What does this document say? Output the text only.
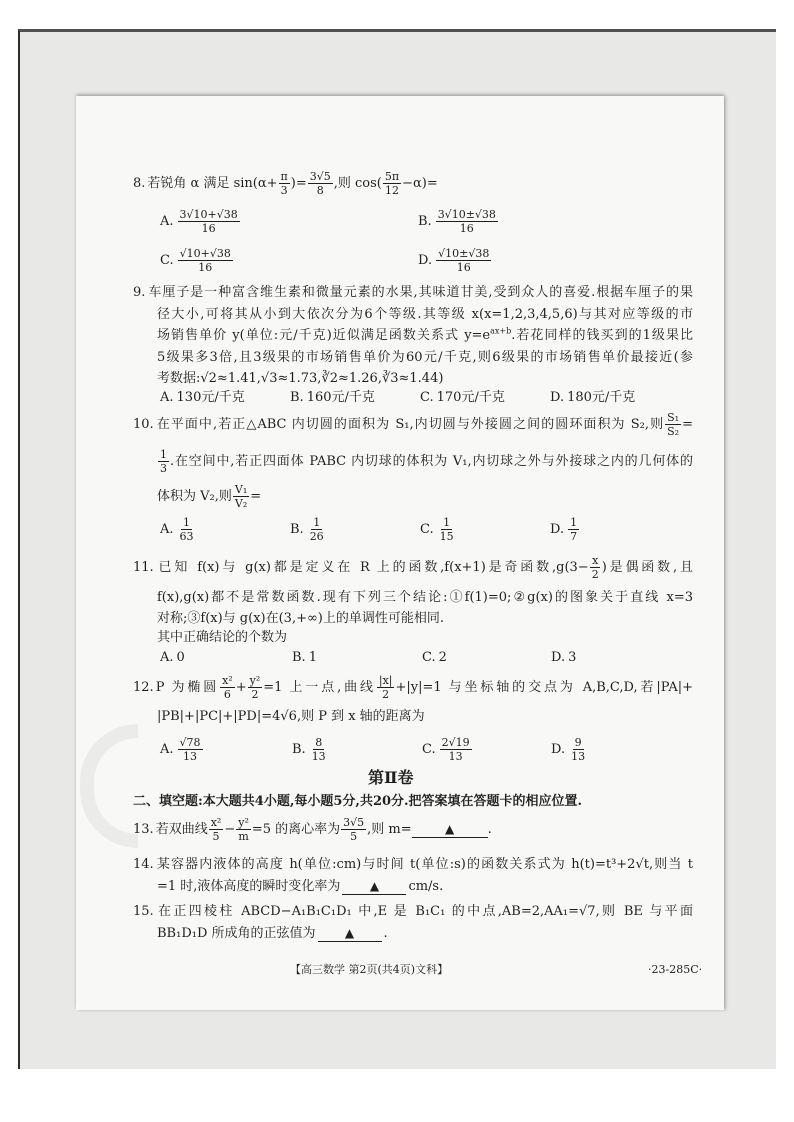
8. 若锐角 α 满足 $\sin(\alpha+ \frac{\pi}{3}$ )= $\frac{3√5}{8}$ ,则 $\cos( \frac{5\pi}{12} -\alpha)=$
A. $\frac{3√10+√38}{16}$	B. $\frac{3√10\pm√38}{16}$
C. $\frac{√10+√38}{16}$	D. $\frac{√10\pm√38}{16}$
9. 车厘子是一种富含维生素和微量元素的水果,其味道甘美,受到众人的喜爱.根据车厘子的果
径大小,可将其从小到大依次分为6个等级.其等级 x(x=1,2,3,4,5,6)与其对应等级的市
场销售单价 y(单位:元/千克)近似满足函数关系式 $y=e^{ax+b}$.若花同样的钱买到的1级果比
5级果多3倍,且3级果的市场销售单价为60元/千克,则6级果的市场销售单价最接近(参
考数据:√2≈1.41,√3≈1.73,∛2≈1.26,∛3≈1.44)
A. 130元/千克	B. 160元/千克	C. 170元/千克	D. 180元/千克
10. 在平面中,若正△ABC 内切圆的面积为 S₁,内切圆与外接圆之间的圆环面积为 S₂,则 $\frac{\text{S₁}}{\text{S₂}}$ =
$\frac{1}{3}$ .在空间中,若正四面体 PABC 内切球的体积为 V₁,内切球之外与外接球之内的几何体的
体积为 V₂,则 $\frac{\text{V₁}}{\text{V₂}}$ =
A. $\frac{1}{63}$	B. $\frac{1}{26}$	C. $\frac{1}{15}$	D. $\frac{1}{7}$
11. 已知 f(x)与 g(x)都是定义在 R 上的函数,f(x+1)是奇函数$,g(3- \frac{x}{2}$ )是偶函数,且
f(x),g(x)都不是常数函数.现有下列三个结论:①f(1)=0;②g(x)的图象关于直线 x=3
对称;③f(x)与 g(x)在(3,+∞)上的单调性可能相同.
其中正确结论的个数为
A. 0	B. 1	C. 2	D. 3
12. P 为椭圆 $\frac{\text{x²}}{6} + \frac{\text{y²}}{2} =1$ 上一点,曲线 $\frac{|x|}{2} +|y|=1$ 与坐标轴的交点为 A,B,C,D,若|PA|+
|PB|+|PC|+|PD|=4√6,则 P 到 x 轴的距离为
A. $\frac{√78}{13}$	B. $\frac{8}{13}$	C. $\frac{2√19}{13}$	D. $\frac{9}{13}$
第Ⅱ卷
二、填空题:本大题共4小题,每小题5分,共20分.把答案填在答题卡的相应位置.
13. 若双曲线 $\frac{\text{x²}}{5} - \frac{\text{y²}}{m} =5$ 的离心率为 $\frac{3√5}{5}$ ,则 m=	▲	.
14. 某容器内液体的高度 h(单位:cm)与时间 t(单位:s)的函数关系式为 h(t)=t³+2√t,则当 t
=1 时,液体高度的瞬时变化率为 ▲ cm/s.
15. 在正四棱柱 ABCD−A₁B₁C₁D₁ 中,E 是 B₁C₁ 的中点,AB=2,AA₁=√7,则 BE 与平面
BB₁D₁D 所成角的正弦值为 ▲ .
【高三数学 第2页(共4页)文科】	·23-285C·
